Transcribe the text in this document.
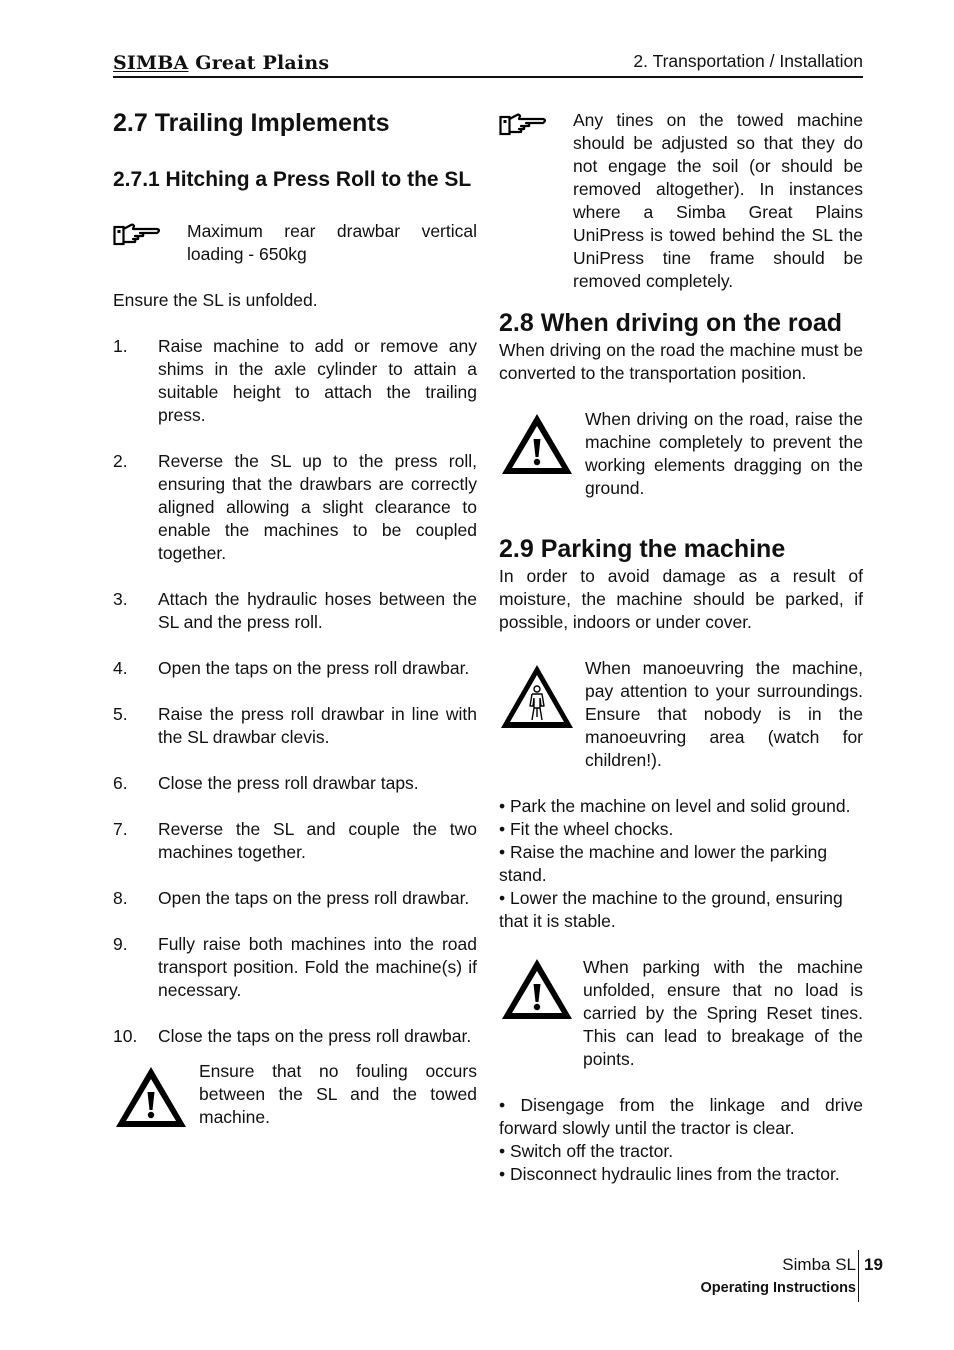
SIMBA Great Plains	2. Transportation / Installation
2.7 Trailing Implements
2.7.1 Hitching a Press Roll to the SL
Maximum rear drawbar vertical loading - 650kg
Ensure the SL is unfolded.
1.	Raise machine to add or remove any shims in the axle cylinder to attain a suitable height to attach the trailing press.
2.	Reverse the SL up to the press roll, ensuring that the drawbars are correctly aligned allowing a slight clearance to enable the machines to be coupled together.
3.	Attach the hydraulic hoses between the SL and the press roll.
4.	Open the taps on the press roll drawbar.
5.	Raise the press roll drawbar in line with the SL drawbar clevis.
6.	Close the press roll drawbar taps.
7.	Reverse the SL and couple the two machines together.
8.	Open the taps on the press roll drawbar.
9.	Fully raise both machines into the road transport position. Fold the machine(s) if necessary.
10.	Close the taps on the press roll drawbar.
Ensure that no fouling occurs between the SL and the towed machine.
Any tines on the towed machine should be adjusted so that they do not engage the soil (or should be removed altogether). In instances where a Simba Great Plains UniPress is towed behind the SL the UniPress tine frame should be removed completely.
2.8 When driving on the road
When driving on the road the machine must be converted to the transportation position.
When driving on the road, raise the machine completely to prevent the working elements dragging on the ground.
2.9 Parking the machine
In order to avoid damage as a result of moisture, the machine should be parked, if possible, indoors or under cover.
When manoeuvring the machine, pay attention to your surroundings. Ensure that nobody is in the manoeuvring area (watch for children!).
• Park the machine on level and solid ground.
• Fit the wheel chocks.
• Raise the machine and lower the parking stand.
• Lower the machine to the ground, ensuring that it is stable.
When parking with the machine unfolded, ensure that no load is carried by the Spring Reset tines. This can lead to breakage of the points.
• Disengage from the linkage and drive forward slowly until the tractor is clear.
• Switch off the tractor.
• Disconnect hydraulic lines from the tractor.
Simba SL
Operating Instructions
19
